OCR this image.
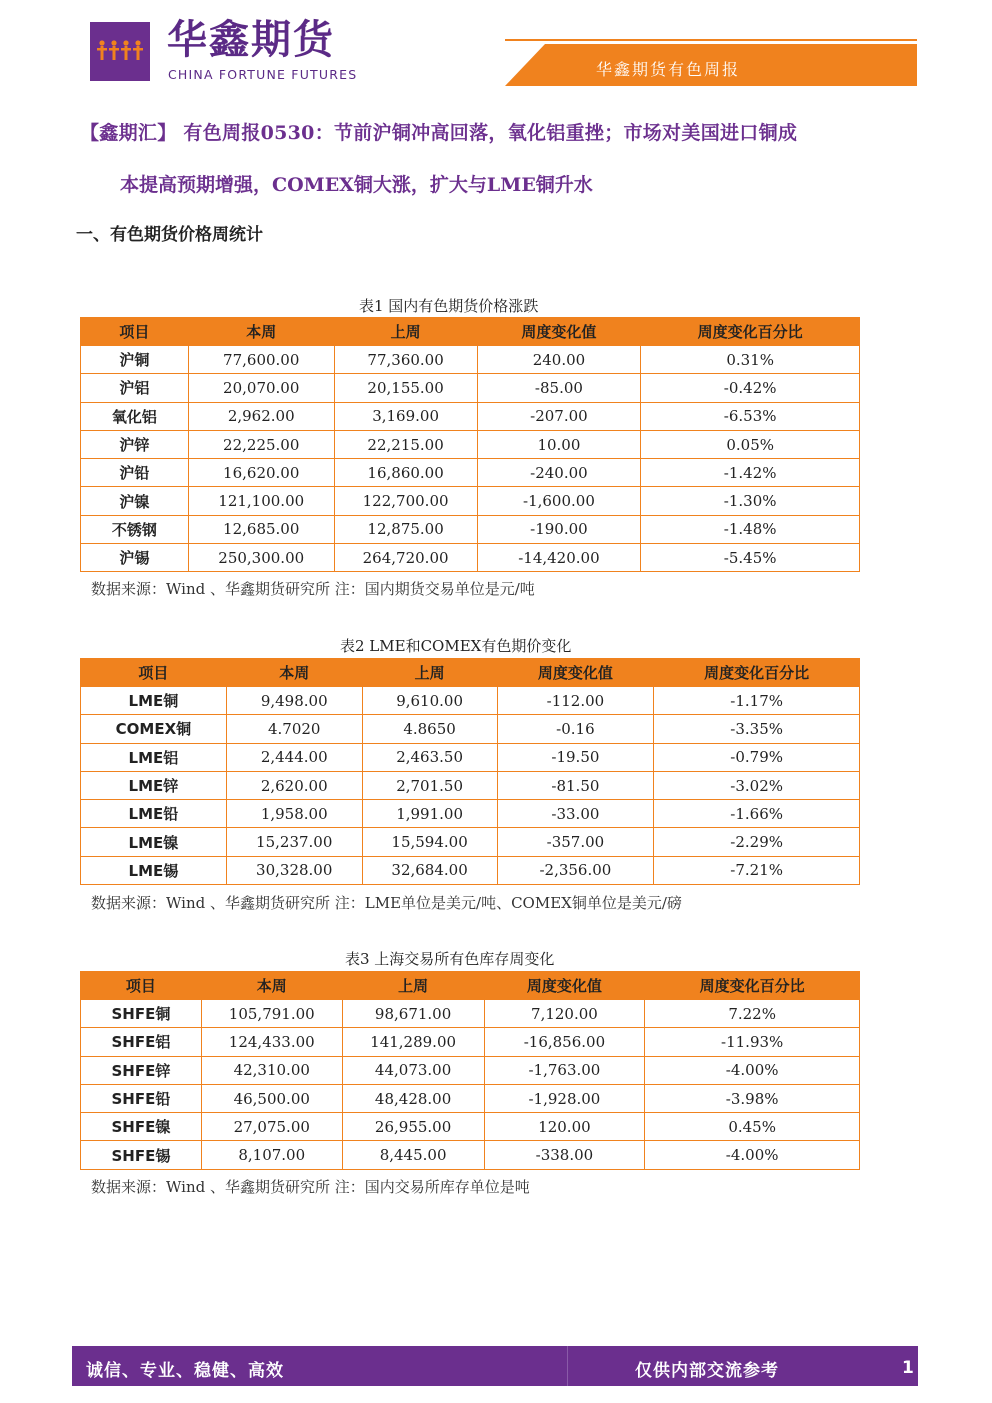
华鑫期货
CHINA FORTUNE FUTURES	华鑫期货有色周报
【鑫期汇】 有色周报0530：节前沪铜冲高回落，氧化铝重挫；市场对美国进口铜成
本提高预期增强，COMEX铜大涨，扩大与LME铜升水
一、有色期货价格周统计
表1 国内有色期货价格涨跌
项目	本周	上周	周度变化值	周度变化百分比
沪铜	77,600.00	77,360.00	240.00	0.31%
沪铝	20,070.00	20,155.00	-85.00	-0.42%
氧化铝	2,962.00	3,169.00	-207.00	-6.53%
沪锌	22,225.00	22,215.00	10.00	0.05%
沪铅	16,620.00	16,860.00	-240.00	-1.42%
沪镍	121,100.00	122,700.00	-1,600.00	-1.30%
不锈钢	12,685.00	12,875.00	-190.00	-1.48%
沪锡	250,300.00	264,720.00	-14,420.00	-5.45%
数据来源：Wind 、华鑫期货研究所 注：国内期货交易单位是元/吨
表2 LME和COMEX有色期价变化
项目	本周	上周	周度变化值	周度变化百分比
LME铜	9,498.00	9,610.00	-112.00	-1.17%
COMEX铜	4.7020	4.8650	-0.16	-3.35%
LME铝	2,444.00	2,463.50	-19.50	-0.79%
LME锌	2,620.00	2,701.50	-81.50	-3.02%
LME铅	1,958.00	1,991.00	-33.00	-1.66%
LME镍	15,237.00	15,594.00	-357.00	-2.29%
LME锡	30,328.00	32,684.00	-2,356.00	-7.21%
数据来源：Wind 、华鑫期货研究所 注：LME单位是美元/吨、COMEX铜单位是美元/磅
表3 上海交易所有色库存周变化
项目	本周	上周	周度变化值	周度变化百分比
SHFE铜	105,791.00	98,671.00	7,120.00	7.22%
SHFE铝	124,433.00	141,289.00	-16,856.00	-11.93%
SHFE锌	42,310.00	44,073.00	-1,763.00	-4.00%
SHFE铅	46,500.00	48,428.00	-1,928.00	-3.98%
SHFE镍	27,075.00	26,955.00	120.00	0.45%
SHFE锡	8,107.00	8,445.00	-338.00	-4.00%
数据来源：Wind 、华鑫期货研究所 注：国内交易所库存单位是吨
诚信、专业、稳健、高效	仅供内部交流参考	1
